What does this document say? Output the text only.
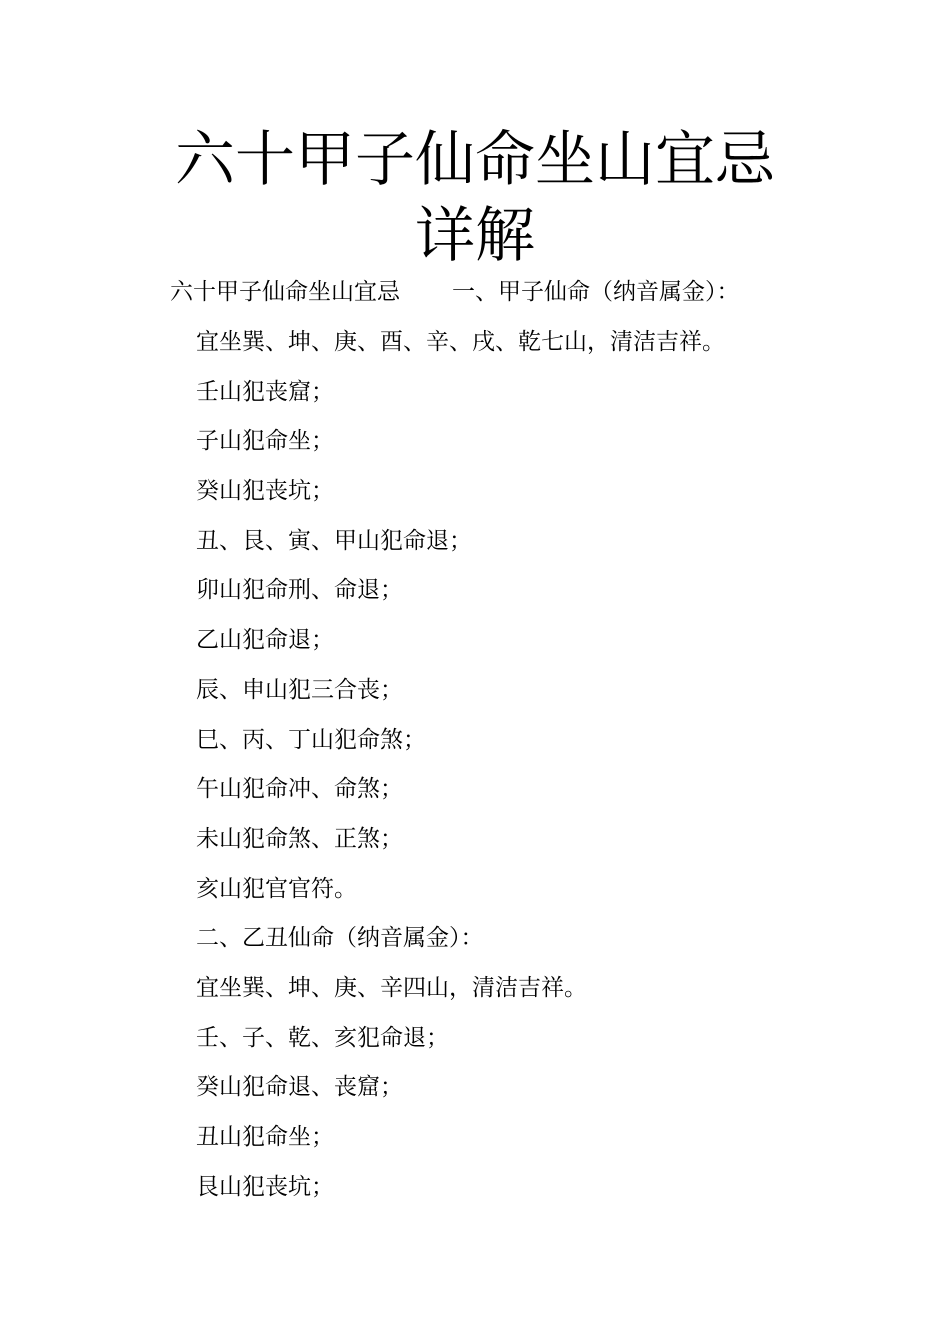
六十甲子仙命坐山宜忌详解
六十甲子仙命坐山宜忌 一、甲子仙命（纳音属金）：
宜坐巽、坤、庚、酉、辛、戌、乾七山，清洁吉祥。
壬山犯丧窟；
子山犯命坐；
癸山犯丧坑；
丑、艮、寅、甲山犯命退；
卯山犯命刑、命退；
乙山犯命退；
辰、申山犯三合丧；
巳、丙、丁山犯命煞；
午山犯命冲、命煞；
未山犯命煞、正煞；
亥山犯官官符。
二、乙丑仙命（纳音属金）：
宜坐巽、坤、庚、辛四山，清洁吉祥。
壬、子、乾、亥犯命退；
癸山犯命退、丧窟；
丑山犯命坐；
艮山犯丧坑；
